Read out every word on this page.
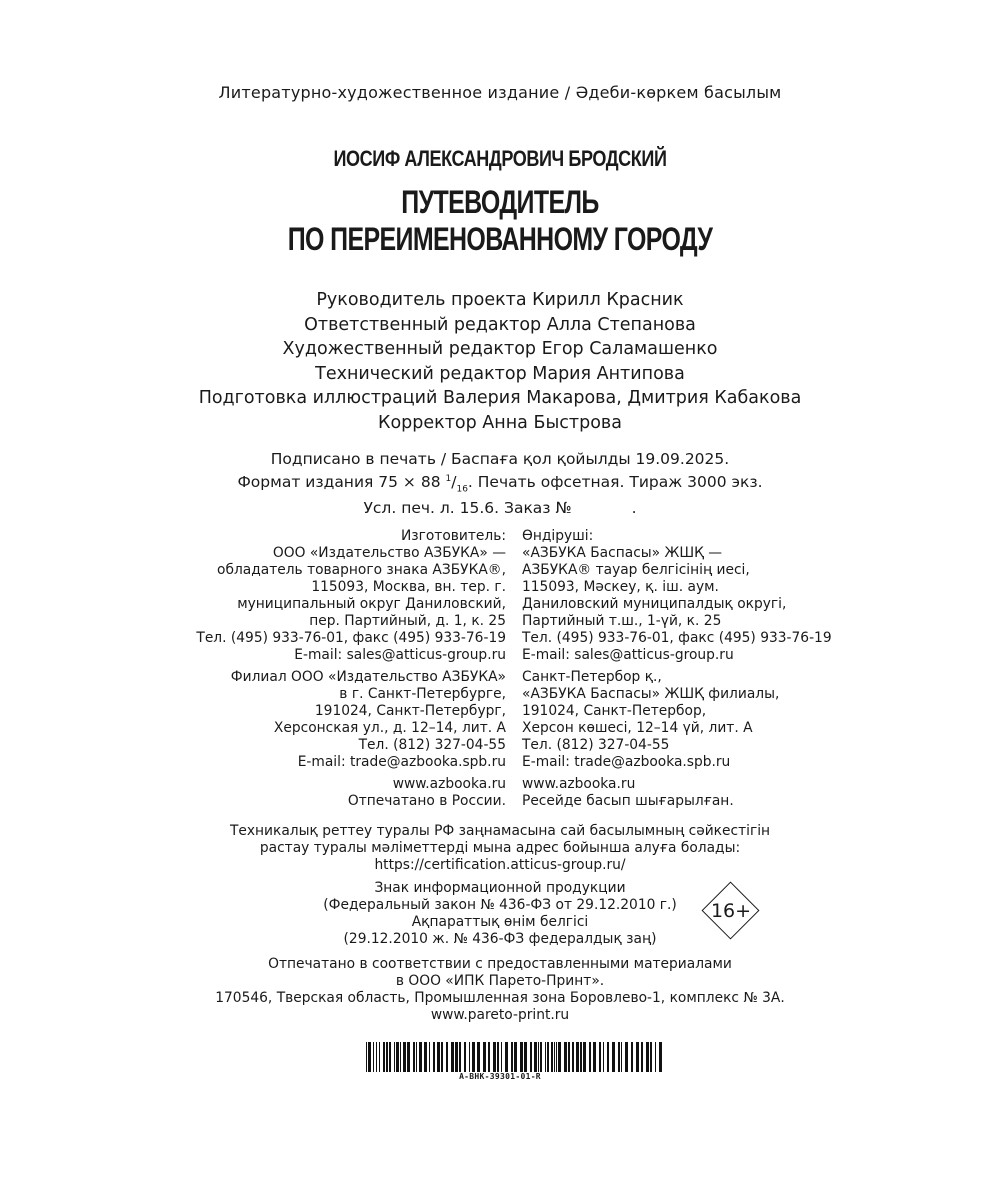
Литературно-художественное издание / Әдеби-көркем басылым
ИОСИФ АЛЕКСАНДРОВИЧ БРОДСКИЙ
ПУТЕВОДИТЕЛЬ
ПО ПЕРЕИМЕНОВАННОМУ ГОРОДУ
Руководитель проекта Кирилл Красник
Ответственный редактор Алла Степанова
Художественный редактор Егор Саламашенко
Технический редактор Мария Антипова
Подготовка иллюстраций Валерия Макарова, Дмитрия Кабакова
Корректор Анна Быстрова
Подписано в печать / Баспаға қол қойылды 19.09.2025.
Формат издания 75 × 88 $^1/_{16}$. Печать офсетная. Тираж 3000 экз.
Усл. печ. л. 15.6. Заказ №	.
Изготовитель:
ООО «Издательство АЗБУКА» —
обладатель товарного знака АЗБУКА®,
115093, Москва, вн. тер. г.
муниципальный округ Даниловский,
пер. Партийный, д. 1, к. 25
Тел. (495) 933-76-01, факс (495) 933-76-19
E-mail: sales@atticus-group.ru
Өндіруші:
«АЗБУКА Баспасы» ЖШҚ —
АЗБУКА® тауар белгісінің иесі,
115093, Мәскеу, қ. іш. аум.
Даниловский муниципалдық округі,
Партийный т.ш., 1-үй, к. 25
Тел. (495) 933-76-01, факс (495) 933-76-19
E-mail: sales@atticus-group.ru
Филиал ООО «Издательство АЗБУКА»
в г. Санкт-Петербурге,
191024, Санкт-Петербург,
Херсонская ул., д. 12–14, лит. А
Тел. (812) 327-04-55
E-mail: trade@azbooka.spb.ru
Санкт-Петербор қ.,
«АЗБУКА Баспасы» ЖШҚ филиалы,
191024, Санкт-Петербор,
Херсон көшесі, 12–14 үй, лит. А
Тел. (812) 327-04-55
E-mail: trade@azbooka.spb.ru
www.azbooka.ru
Отпечатано в России.
www.azbooka.ru
Ресейде басып шығарылған.
Техникалық реттеу туралы РФ заңнамасына сай басылымның сәйкестігін
растау туралы мәліметтерді мына адрес бойынша алуға болады:
https://certification.atticus-group.ru/
Знак информационной продукции
(Федеральный закон № 436-ФЗ от 29.12.2010 г.)
Ақпараттық өнім белгісі
(29.12.2010 ж. № 436-ФЗ федералдық заң)
16+
Отпечатано в соответствии с предоставленными материалами
в ООО «ИПК Парето-Принт».
170546, Тверская область, Промышленная зона Боровлево-1, комплекс № 3А.
www.pareto-print.ru
A-BHK-39301-01-R
